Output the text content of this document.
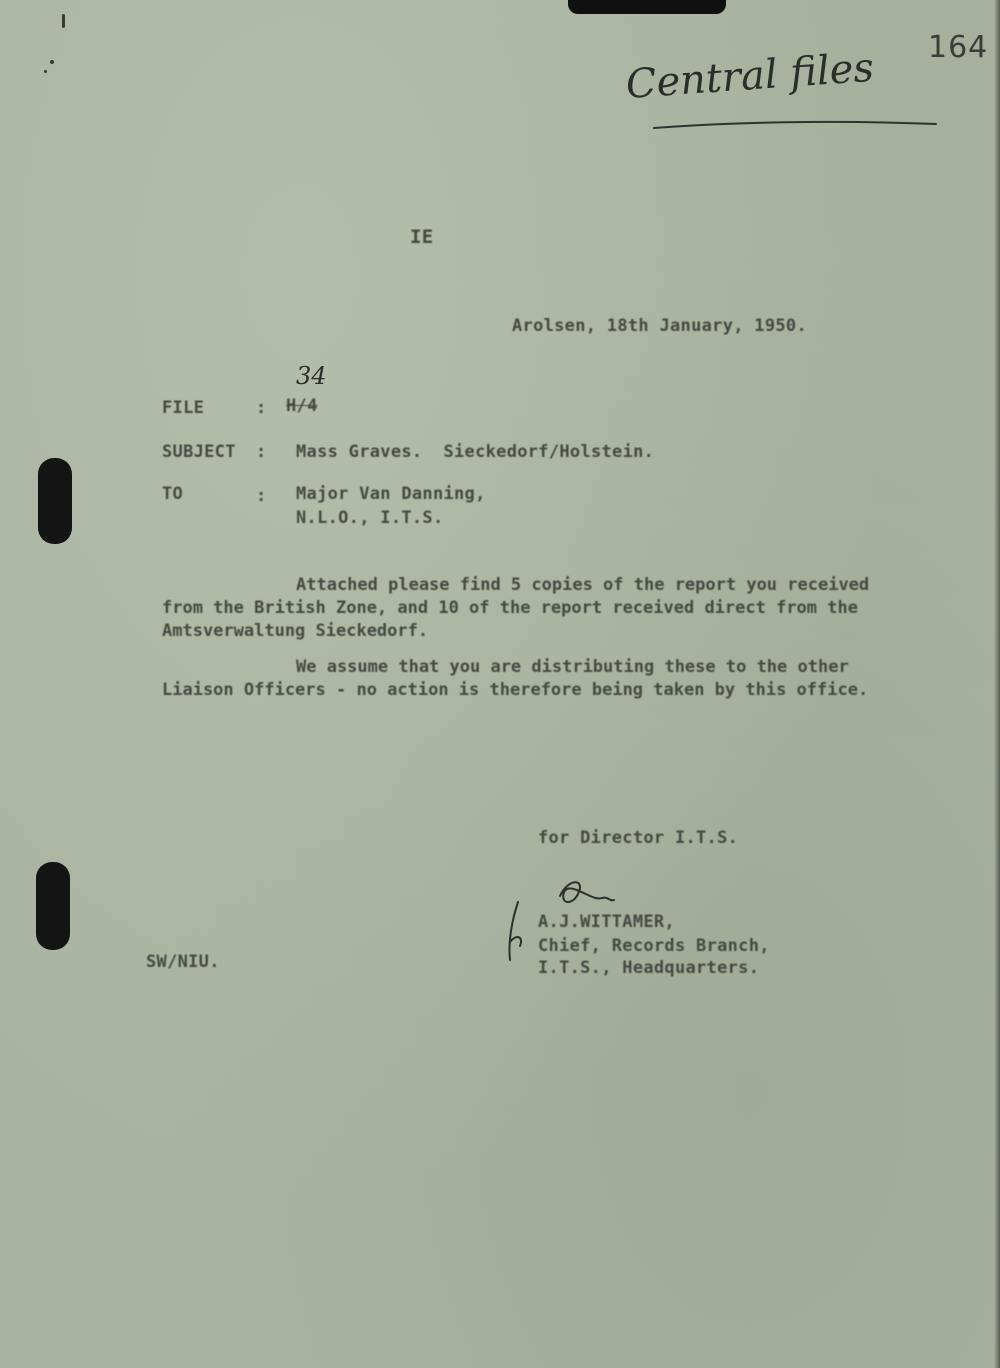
164
Central files
IE
Arolsen, 18th January, 1950.
FILE	: H/4
34
SUBJECT : Mass Graves.  Sieckedorf/Holstein.
TO	: Major Van Danning,
N.L.O., I.T.S.
Attached please find 5 copies of the report you received
from the British Zone, and 10 of the report received direct from the
Amtsverwaltung Sieckedorf.
We assume that you are distributing these to the other
Liaison Officers - no action is therefore being taken by this office.
for Director I.T.S.
A.J.WITTAMER,
Chief, Records Branch,
I.T.S., Headquarters.
SW/NIU.
